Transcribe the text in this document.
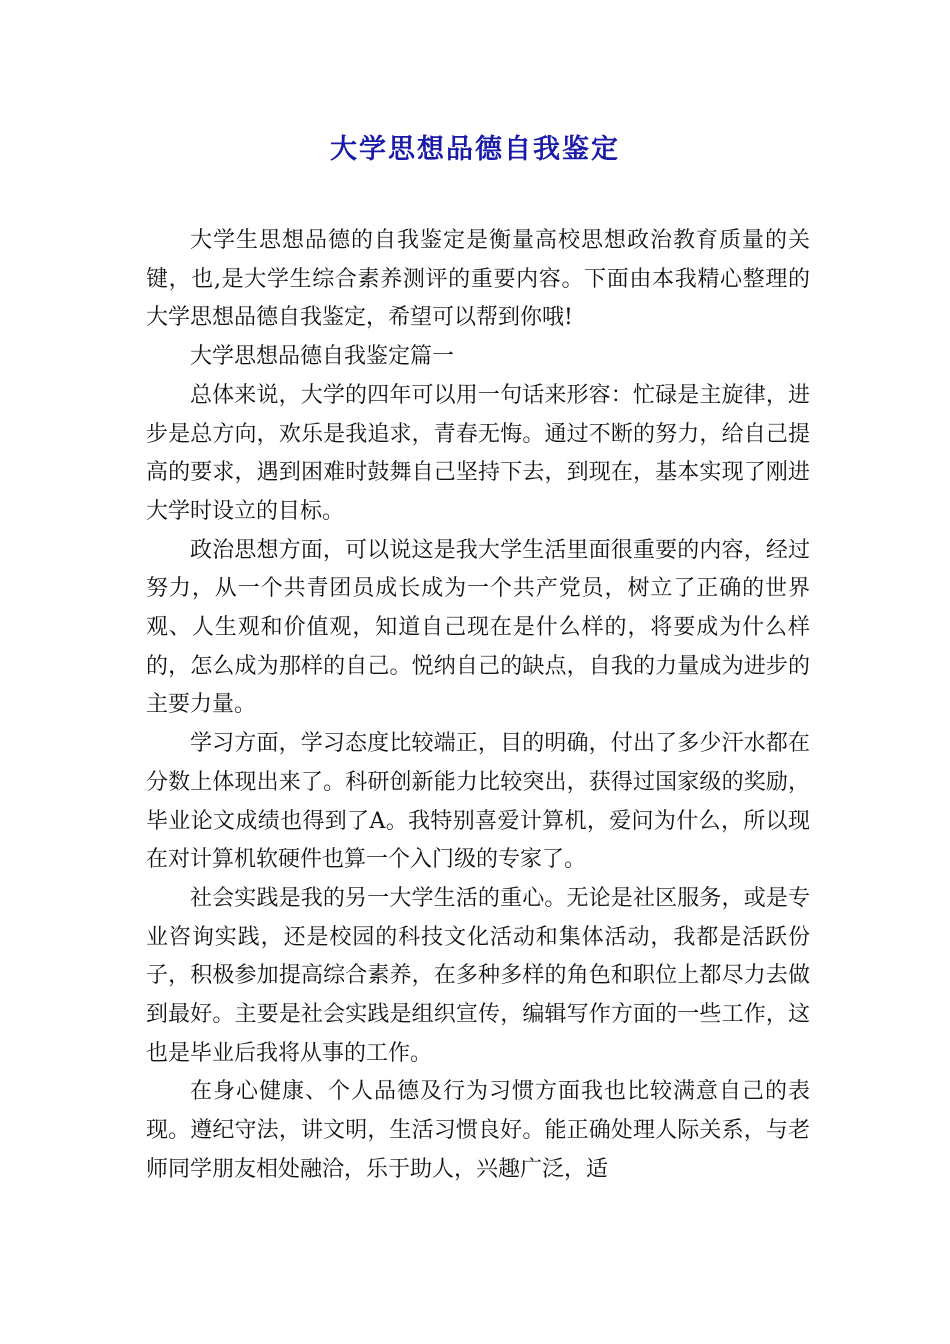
大学思想品德自我鉴定

大学生思想品德的自我鉴定是衡量高校思想政治教育质量的关键，也,是大学生综合素养测评的重要内容。下面由本我精心整理的大学思想品德自我鉴定，希望可以帮到你哦!

大学思想品德自我鉴定篇一

总体来说，大学的四年可以用一句话来形容：忙碌是主旋律，进步是总方向，欢乐是我追求，青春无悔。通过不断的努力，给自己提高的要求，遇到困难时鼓舞自己坚持下去，到现在，基本实现了刚进大学时设立的目标。

政治思想方面，可以说这是我大学生活里面很重要的内容，经过努力，从一个共青团员成长成为一个共产党员，树立了正确的世界观、人生观和价值观，知道自己现在是什么样的，将要成为什么样的，怎么成为那样的自己。悦纳自己的缺点，自我的力量成为进步的主要力量。

学习方面，学习态度比较端正，目的明确，付出了多少汗水都在分数上体现出来了。科研创新能力比较突出，获得过国家级的奖励，毕业论文成绩也得到了A。我特别喜爱计算机，爱问为什么，所以现在对计算机软硬件也算一个入门级的专家了。

社会实践是我的另一大学生活的重心。无论是社区服务，或是专业咨询实践，还是校园的科技文化活动和集体活动，我都是活跃份子，积极参加提高综合素养，在多种多样的角色和职位上都尽力去做到最好。主要是社会实践是组织宣传，编辑写作方面的一些工作，这也是毕业后我将从事的工作。

在身心健康、个人品德及行为习惯方面我也比较满意自己的表现。遵纪守法，讲文明，生活习惯良好。能正确处理人际关系，与老师同学朋友相处融洽，乐于助人，兴趣广泛，适
